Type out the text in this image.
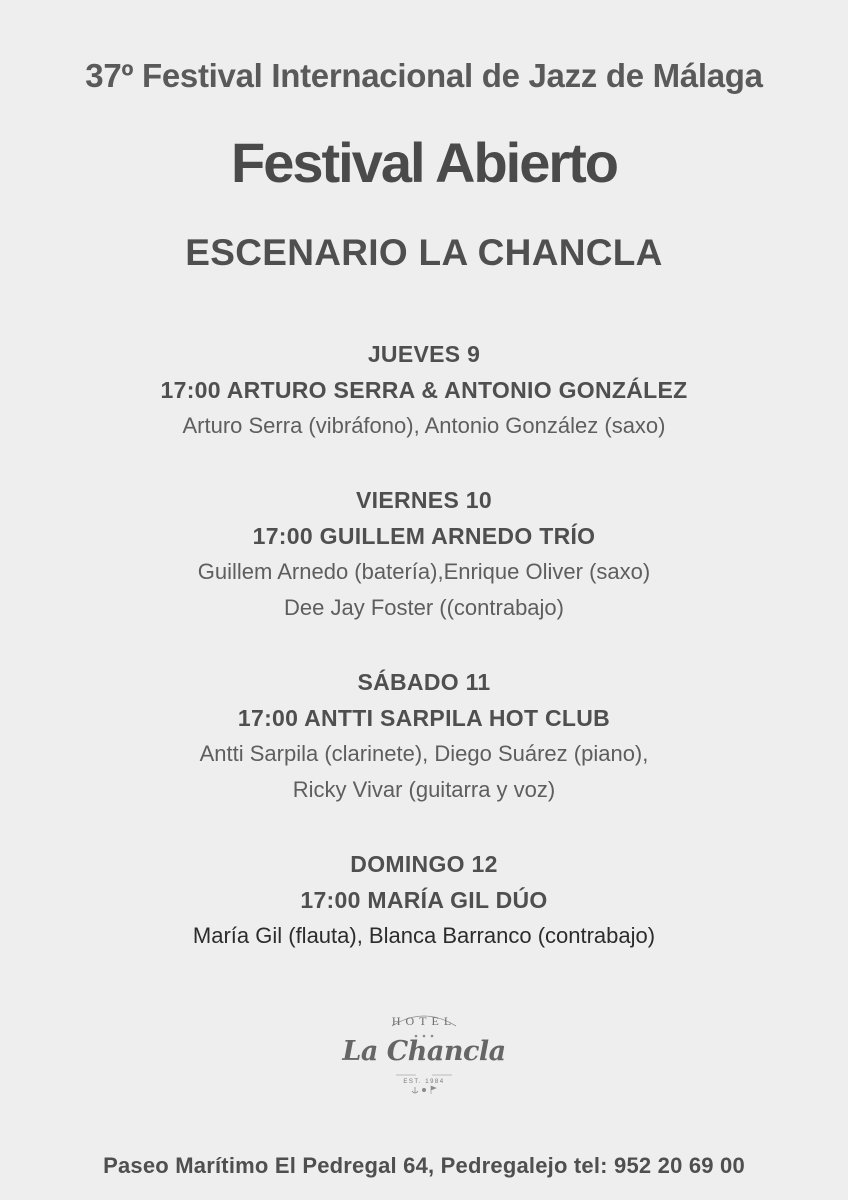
37º Festival Internacional de Jazz de Málaga
Festival Abierto
ESCENARIO LA CHANCLA
JUEVES 9
17:00 ARTURO SERRA & ANTONIO GONZÁLEZ
Arturo Serra (vibráfono), Antonio González (saxo)
VIERNES 10
17:00 GUILLEM ARNEDO TRÍO
Guillem Arnedo (batería),Enrique Oliver (saxo)
Dee Jay Foster ((contrabajo)
SÁBADO 11
17:00 ANTTI SARPILA HOT CLUB
Antti Sarpila (clarinete), Diego Suárez (piano),
Ricky Vivar (guitarra y voz)
DOMINGO 12
17:00 MARÍA GIL DÚO
María Gil (flauta), Blanca Barranco (contrabajo)
HOTEL
La Chancla
EST. 1984
Paseo Marítimo El Pedregal 64, Pedregalejo tel: 952 20 69 00
